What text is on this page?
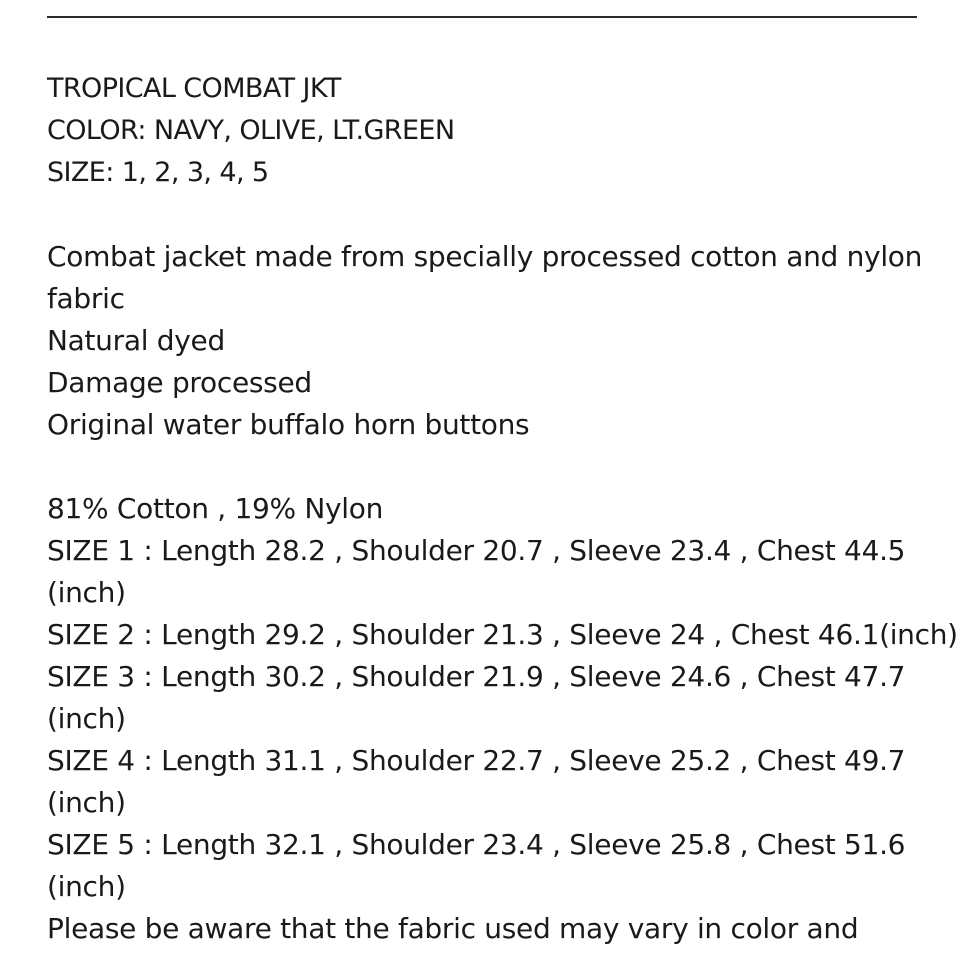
TROPICAL COMBAT JKT
COLOR: NAVY, OLIVE, LT.GREEN
SIZE: 1, 2, 3, 4, 5
Combat jacket made from specially processed cotton and nylon
fabric
Natural dyed
Damage processed
Original water buffalo horn buttons
81% Cotton , 19% Nylon
SIZE 1 : Length 28.2 , Shoulder 20.7 , Sleeve 23.4 , Chest 44.5
(inch)
SIZE 2 : Length 29.2 , Shoulder 21.3 , Sleeve 24 , Chest 46.1(inch)
SIZE 3 : Length 30.2 , Shoulder 21.9 , Sleeve 24.6 , Chest 47.7
(inch)
SIZE 4 : Length 31.1 , Shoulder 22.7 , Sleeve 25.2 , Chest 49.7
(inch)
SIZE 5 : Length 32.1 , Shoulder 23.4 , Sleeve 25.8 , Chest 51.6
(inch)
Please be aware that the fabric used may vary in color and
